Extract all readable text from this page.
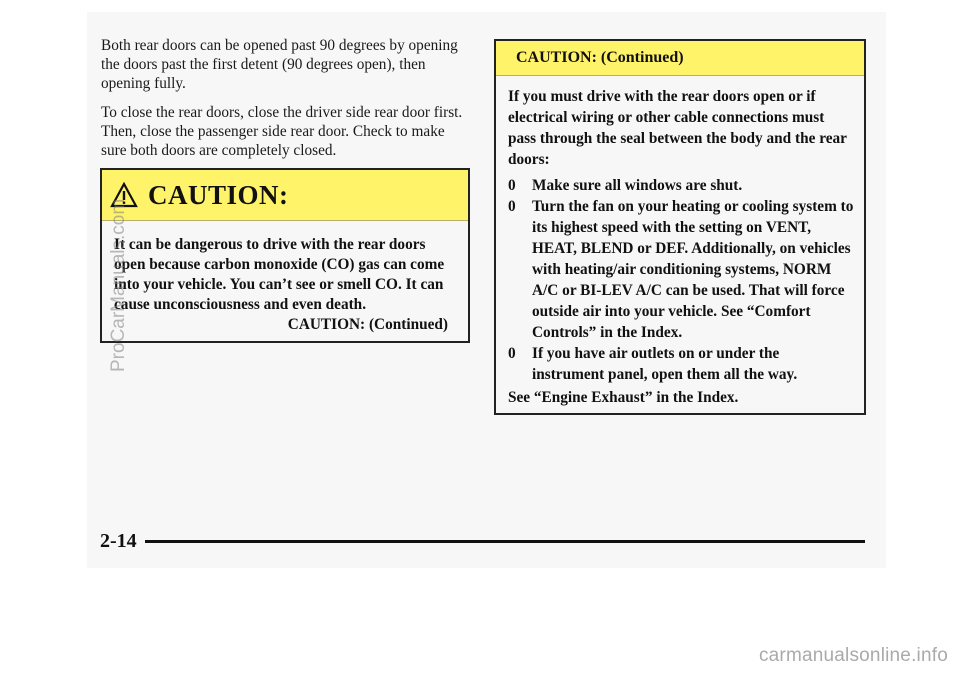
Both rear doors can be opened past 90 degrees by opening the doors past the first detent (90 degrees open), then opening fully.

To close the rear doors, close the driver side rear door first. Then, close the passenger side rear door. Check to make sure both doors are completely closed.

CAUTION:
It can be dangerous to drive with the rear doors open because carbon monoxide (CO) gas can come into your vehicle. You can’t see or smell CO. It can cause unconsciousness and even death.
CAUTION: (Continued)
CAUTION: (Continued)
If you must drive with the rear doors open or if electrical wiring or other cable connections must pass through the seal between the body and the rear doors:
0 Make sure all windows are shut.
0 Turn the fan on your heating or cooling system to its highest speed with the setting on VENT, HEAT, BLEND or DEF. Additionally, on vehicles with heating/air conditioning systems, NORM A/C or BI-LEV A/C can be used. That will force outside air into your vehicle. See “Comfort Controls” in the Index.
0 If you have air outlets on or under the instrument panel, open them all the way.
See “Engine Exhaust” in the Index.
2-14
ProCarManuals.com
carmanualsonline.info
